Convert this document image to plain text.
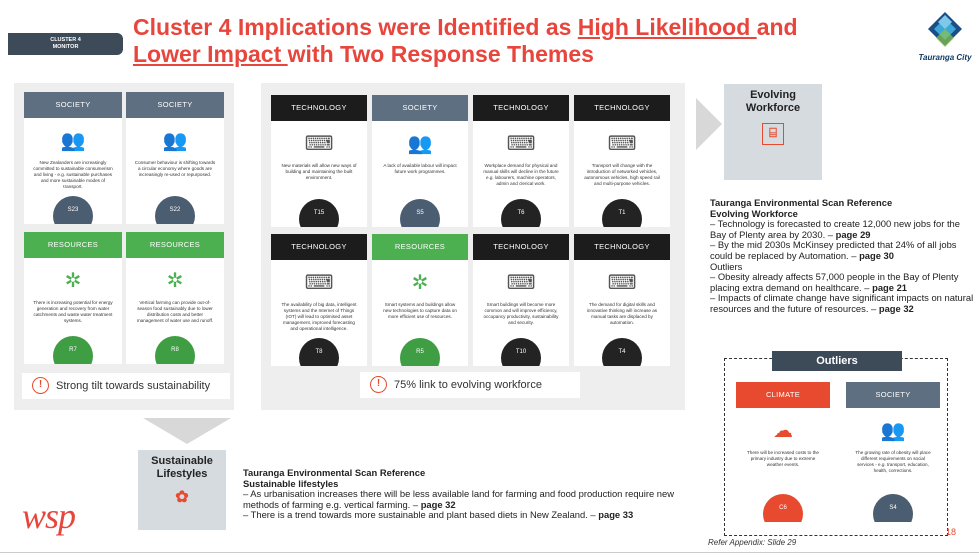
CLUSTER 4
MONITOR
Cluster 4 Implications were Identified as High Likelihood and
Lower Impact with Two Response Themes	Tauranga City
SOCIETY
👥
New Zealanders are increasingly committed to sustainable consumerism and living - e.g. sustainable purchases and more sustainable modes of transport.
S23
SOCIETY
👥
Consumer behaviour is shifting towards a circular economy where goods are increasingly re-used or repurposed.
S22
RESOURCES
✲
There is increasing potential for energy generation and recovery from water catchments and waste water treatment systems.
R7
RESOURCES
✲
Vertical farming can provide out-of-season food sustainably due to lower distribution costs and better management of water use and runoff.
R8
!	Strong tilt towards sustainability
TECHNOLOGY
⌨
New materials will allow new ways of building and maintaining the built environment.
T15
SOCIETY
👥
A lack of available labour will impact future work programmes.
S5
TECHNOLOGY
⌨
Workplace demand for physical and manual skills will decline in the future e.g. labourers, machine operators, admin and clerical work.
T6
TECHNOLOGY
⌨
Transport will change with the introduction of networked vehicles, autonomous vehicles, high speed rail and multi-purpose vehicles.
T1
TECHNOLOGY
⌨
The availability of big data, intelligent systems and the Internet of Things (IOT) will lead to optimised asset management, improved forecasting and operational intelligence.
T8
RESOURCES
✲
Smart systems and buildings allow new technologies to capture data on more efficient use of resources.
R5
TECHNOLOGY
⌨
Smart buildings will become more common and will improve efficiency, occupancy productivity, sustainability and security.
T10
TECHNOLOGY
⌨
The demand for digital skills and innovative thinking will increase as manual tasks are displaced by automation.
T4
!	75% link to evolving workforce
Evolving Workforce
⌸
Tauranga Environmental Scan Reference
Evolving Workforce
– Technology is forecasted to create 12,000 new jobs for the Bay of Plenty area by 2030. – page 29
– By the mid 2030s McKinsey predicted that 24% of all jobs could be replaced by Automation. – page 30
Outliers
– Obesity already affects 57,000 people in the Bay of Plenty placing extra demand on healthcare. – page 21
– Impacts of climate change have significant impacts on natural resources and the future of resources. – page 32
Outliers
CLIMATE
☁
There will be increased costs to the primary industry due to extreme weather events.
C6
SOCIETY
👥
The growing rate of obesity will place different requirements on social services - e.g. transport, education, health, corrections.
S4
Sustainable Lifestyles
✿
Tauranga Environmental Scan Reference
Sustainable lifestyles
– As urbanisation increases there will be less available land for farming and food production require new methods of farming e.g. vertical farming. – page 32
– There is a trend towards more sustainable and plant based diets in New Zealand. – page 33
wsp	18
Refer Appendix: Slide 29
